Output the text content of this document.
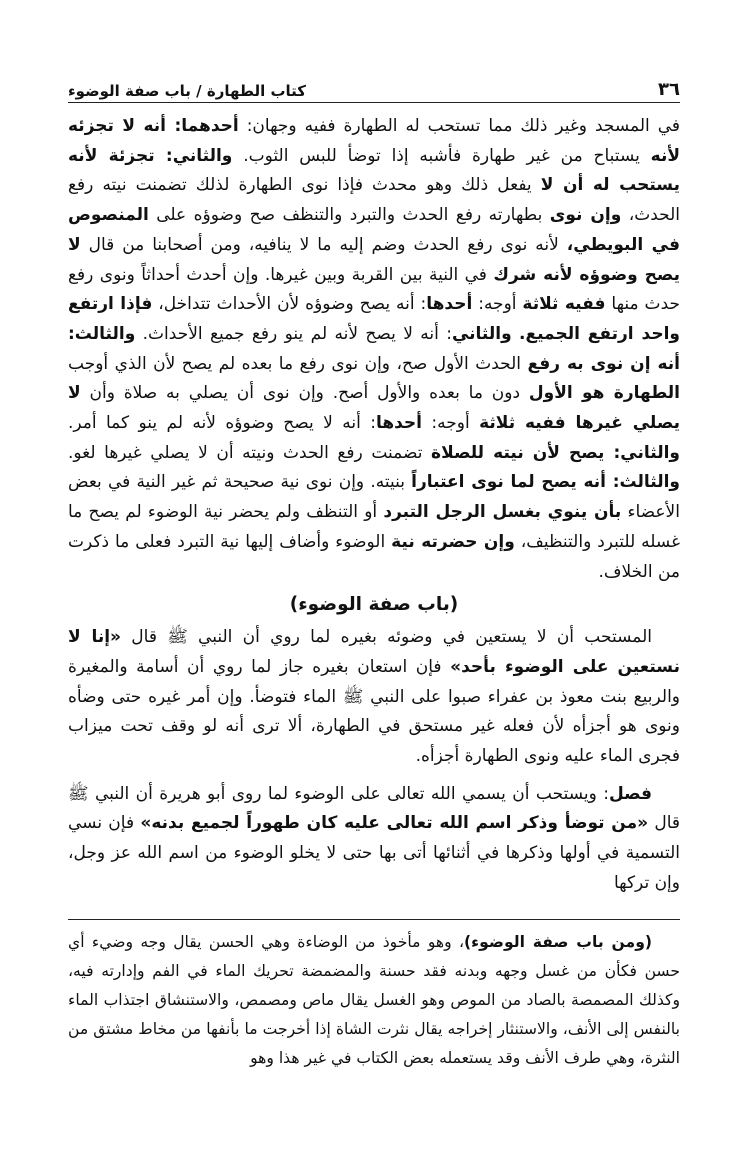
٣٦
كتاب الطهارة / باب صفة الوضوء

في المسجد وغير ذلك مما تستحب له الطهارة ففيه وجهان: أحدهما: أنه لا تجزئه لأنه يستباح من غير طهارة فأشبه إذا توضأ للبس الثوب. والثاني: تجزئة لأنه يستحب له أن لا يفعل ذلك وهو محدث فإذا نوى الطهارة لذلك تضمنت نيته رفع الحدث، وإن نوى بطهارته رفع الحدث والتبرد والتنظف صح وضوؤه على المنصوص في البويطي، لأنه نوى رفع الحدث وضم إليه ما لا ينافيه، ومن أصحابنا من قال لا يصح وضوؤه لأنه شرك في النية بين القربة وبين غيرها. وإن أحدث أحداثاً ونوى رفع حدث منها ففيه ثلاثة أوجه: أحدها: أنه يصح وضوؤه لأن الأحداث تتداخل، فإذا ارتفع واحد ارتفع الجميع. والثاني: أنه لا يصح لأنه لم ينو رفع جميع الأحداث. والثالث: أنه إن نوى به رفع الحدث الأول صح، وإن نوى رفع ما بعده لم يصح لأن الذي أوجب الطهارة هو الأول دون ما بعده والأول أصح. وإن نوى أن يصلي به صلاة وأن لا يصلي غيرها ففيه ثلاثة أوجه: أحدها: أنه لا يصح وضوؤه لأنه لم ينو كما أمر. والثاني: يصح لأن نيته للصلاة تضمنت رفع الحدث ونيته أن لا يصلي غيرها لغو. والثالث: أنه يصح لما نوى اعتباراً بنيته. وإن نوى نية صحيحة ثم غير النية في بعض الأعضاء بأن ينوي بغسل الرجل التبرد أو التنظف ولم يحضر نية الوضوء لم يصح ما غسله للتبرد والتنظيف، وإن حضرته نية الوضوء وأضاف إليها نية التبرد فعلى ما ذكرت من الخلاف.

(باب صفة الوضوء)

المستحب أن لا يستعين في وضوئه بغيره لما روي أن النبي ﷺ قال «إنا لا نستعين على الوضوء بأحد» فإن استعان بغيره جاز لما روي أن أسامة والمغيرة والربيع بنت معوذ بن عفراء صبوا على النبي ﷺ الماء فتوضأ. وإن أمر غيره حتى وضأه ونوى هو أجزأه لأن فعله غير مستحق في الطهارة، ألا ترى أنه لو وقف تحت ميزاب فجرى الماء عليه ونوى الطهارة أجزأه.

فصل: ويستحب أن يسمي الله تعالى على الوضوء لما روى أبو هريرة أن النبي ﷺ قال «من توضأ وذكر اسم الله تعالى عليه كان طهوراً لجميع بدنه» فإن نسي التسمية في أولها وذكرها في أثنائها أتى بها حتى لا يخلو الوضوء من اسم الله عز وجل، وإن تركها

(ومن باب صفة الوضوء)، وهو مأخوذ من الوضاءة وهي الحسن يقال وجه وضيء أي حسن فكأن من غسل وجهه وبدنه فقد حسنة والمضمضة تحريك الماء في الفم وإدارته فيه، وكذلك المصمصة بالصاد من الموص وهو الغسل يقال ماص ومصمص، والاستنشاق اجتذاب الماء بالنفس إلى الأنف، والاستنثار إخراجه يقال نثرت الشاة إذا أخرجت ما بأنفها من مخاط مشتق من النثرة، وهي طرف الأنف وقد يستعمله بعض الكتاب في غير هذا وهو
